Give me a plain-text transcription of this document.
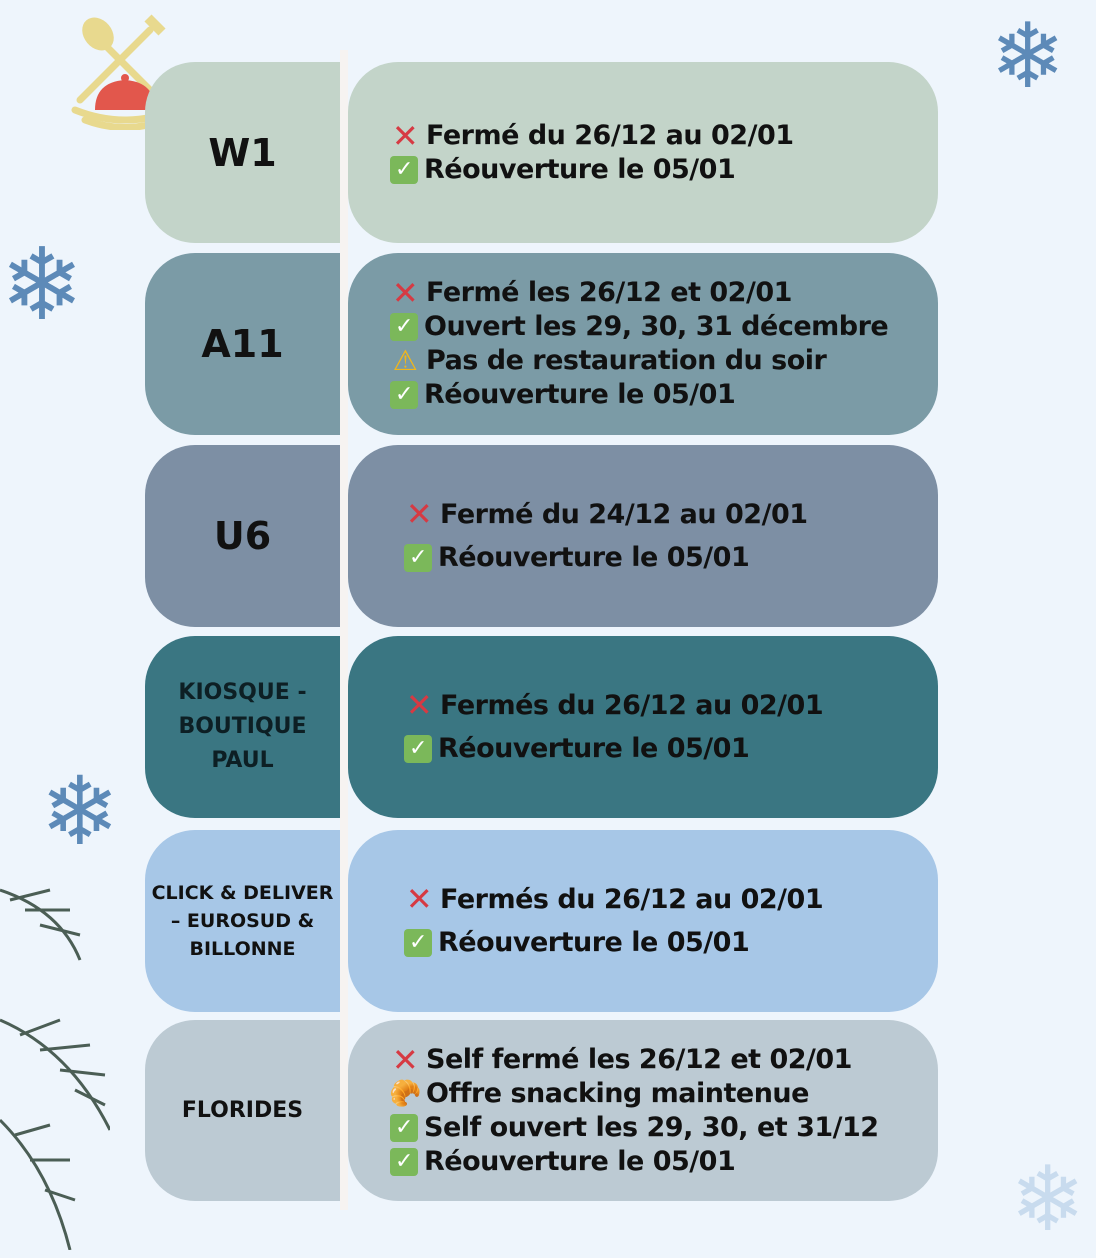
❄
❄
❄
❄
W1	✕ Fermé du 26/12 au 02/01
✓ Réouverture le 05/01
A11
✕ Fermé les 26/12 et 02/01
✓ Ouvert les 29, 30, 31 décembre
⚠ Pas de restauration du soir
✓ Réouverture le 05/01
U6	✕ Fermé du 24/12 au 02/01
✓ Réouverture le 05/01
KIOSQUE - BOUTIQUE PAUL
✕ Fermés du 26/12 au 02/01
✓ Réouverture le 05/01
CLICK & DELIVER – EUROSUD & BILLONNE
✕ Fermés du 26/12 au 02/01
✓ Réouverture le 05/01
FLORIDES
✕ Self fermé les 26/12 et 02/01
🥐 Offre snacking maintenue
✓ Self ouvert les 29, 30, et 31/12
✓ Réouverture le 05/01
